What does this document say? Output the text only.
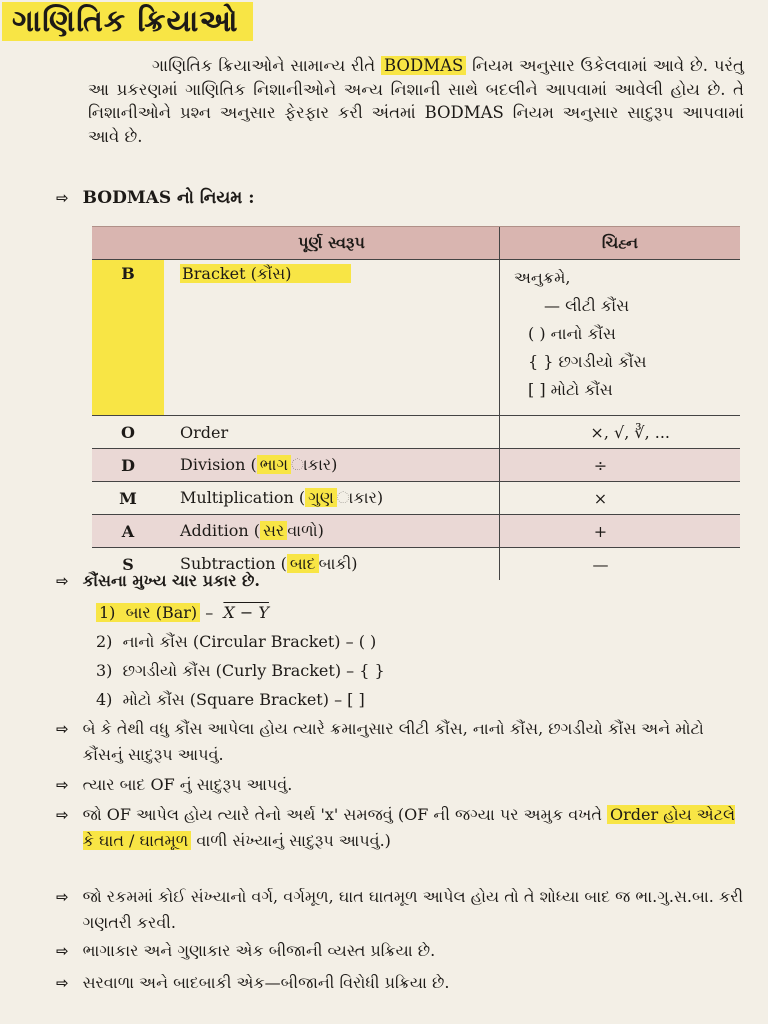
ગાણિતિક ક્રિયાઓ

ગાણિતિક ક્રિયાઓને સામાન્ય રીતે BODMAS નિયમ અનુસાર ઉકેલવામાં આવે છે. પરંતુ આ પ્રકરણમાં ગાણિતિક નિશાનીઓને અન્ય નિશાની સાથે બદલીને આપવામાં આવેલી હોય છે. તે નિશાનીઓને પ્રશ્ન અનુસાર ફેરફાર કરી અંતમાં BODMAS નિયમ અનુસાર સાદુરૂપ આપવામાં આવે છે.

⇨ BODMAS નો નિયમ :
	પૂર્ણ સ્વરૂપ	ચિહ્ન
B	Bracket (કૌંસ)	અનુક્રમે,
— લીટી કૌંસ
( ) નાનો કૌંસ
{ } છગડીયો કૌંસ
[ ] મોટો કૌંસ

O	Order	×, √, ∛, ...
D	Division ( ભાગ ાકાર)	÷
M	Multiplication ( ગુણ ાકાર)	×
A	Addition ( સર વાળો)	+
S	Subtraction ( બાદ બાકી)	—
⇨ કૌંસના મુખ્ય ચાર પ્રકાર છે.
1) બાર (Bar) –  X − Y
2) નાનો કૌંસ (Circular Bracket) – ( )
3) છગડીયો કૌંસ (Curly Bracket) – { }
4) મોટો કૌંસ (Square Bracket) – [ ]
⇨ બે કે તેથી વધુ કૌંસ આપેલા હોય ત્યારે ક્રમાનુસાર લીટી કૌંસ, નાનો કૌંસ, છગડીયો કૌંસ અને મોટો કૌંસનું સાદુરૂપ આપવું.
⇨ ત્યાર બાદ OF નું સાદુરૂપ આપવું.
⇨ જો OF આપેલ હોય ત્યારે તેનો અર્થ 'x' સમજવું (OF ની જગ્યા પર અમુક વખતે Order હોય એટલે કે ઘાત / ઘાતમૂળ વાળી સંખ્યાનું સાદુરૂપ આપવું.)
⇨ જો રકમમાં કોઈ સંખ્યાનો વર્ગ, વર્ગમૂળ, ઘાત ઘાતમૂળ આપેલ હોય તો તે શોધ્યા બાદ જ ભા.ગુ.સ.બા. કરી ગણતરી કરવી.
⇨ ભાગાકાર અને ગુણાકાર એક બીજાની વ્યસ્ત પ્રક્રિયા છે.
⇨ સરવાળા અને બાદબાકી એક—બીજાની વિરોધી પ્રક્રિયા છે.
